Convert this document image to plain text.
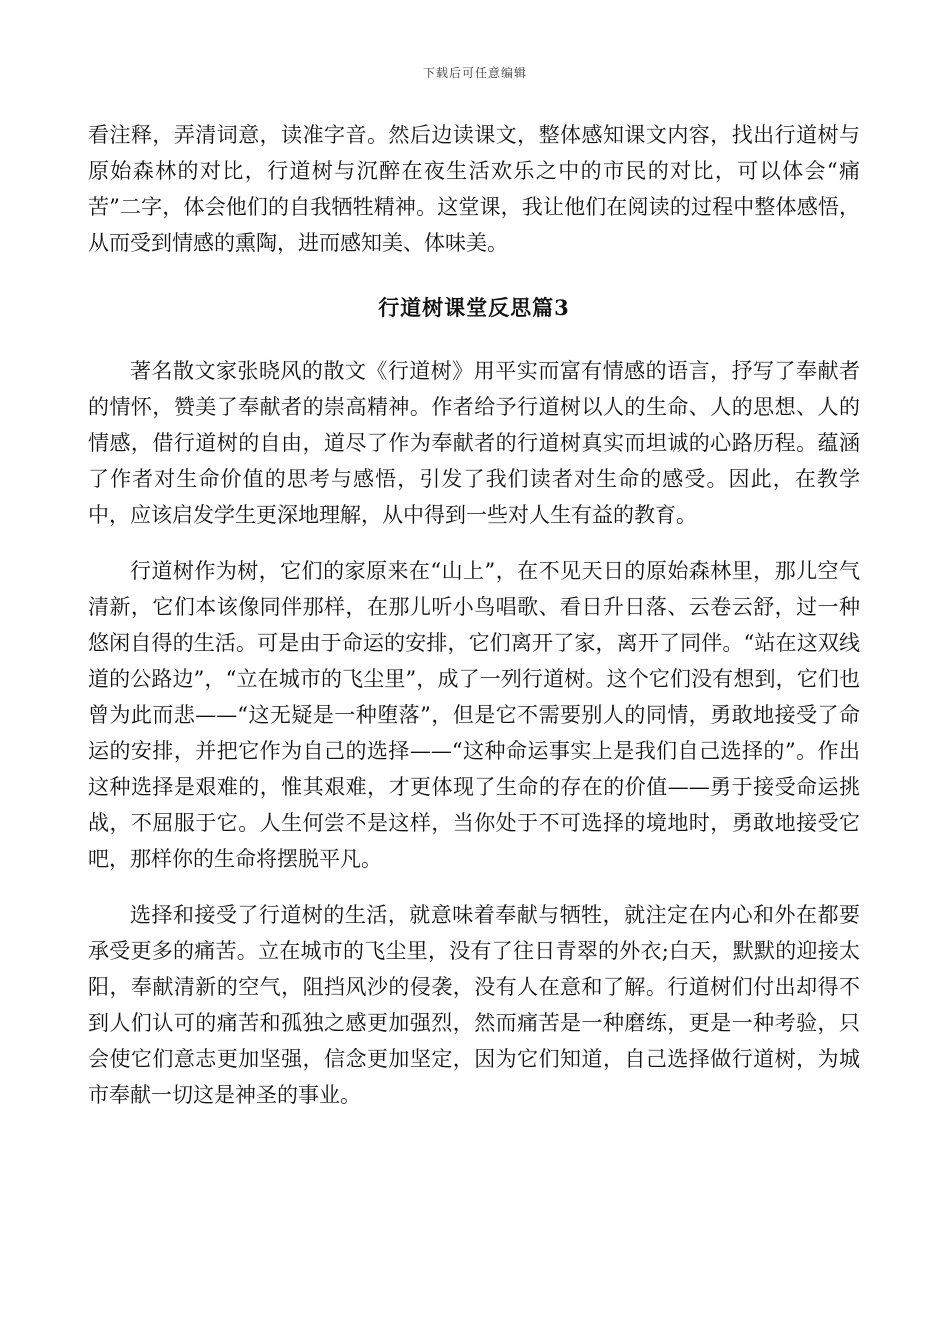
下载后可任意编辑

看注释，弄清词意，读准字音。然后边读课文，整体感知课文内容，找出行道树与原始森林的对比，行道树与沉醉在夜生活欢乐之中的市民的对比，可以体会“痛苦”二字，体会他们的自我牺牲精神。这堂课，我让他们在阅读的过程中整体感悟，从而受到情感的熏陶，进而感知美、体味美。

行道树课堂反思篇3

著名散文家张晓风的散文《行道树》用平实而富有情感的语言，抒写了奉献者的情怀，赞美了奉献者的崇高精神。作者给予行道树以人的生命、人的思想、人的情感，借行道树的自由，道尽了作为奉献者的行道树真实而坦诚的心路历程。蕴涵了作者对生命价值的思考与感悟，引发了我们读者对生命的感受。因此，在教学中，应该启发学生更深地理解，从中得到一些对人生有益的教育。

行道树作为树，它们的家原来在“山上”，在不见天日的原始森林里，那儿空气清新，它们本该像同伴那样，在那儿听小鸟唱歌、看日升日落、云卷云舒，过一种悠闲自得的生活。可是由于命运的安排，它们离开了家，离开了同伴。“站在这双线道的公路边”，“立在城市的飞尘里”，成了一列行道树。这个它们没有想到，它们也曾为此而悲——“这无疑是一种堕落”，但是它不需要别人的同情，勇敢地接受了命运的安排，并把它作为自己的选择——“这种命运事实上是我们自己选择的”。作出这种选择是艰难的，惟其艰难，才更体现了生命的存在的价值——勇于接受命运挑战，不屈服于它。人生何尝不是这样，当你处于不可选择的境地时，勇敢地接受它吧，那样你的生命将摆脱平凡。

选择和接受了行道树的生活，就意味着奉献与牺牲，就注定在内心和外在都要承受更多的痛苦。立在城市的飞尘里，没有了往日青翠的外衣;白天，默默的迎接太阳，奉献清新的空气，阻挡风沙的侵袭，没有人在意和了解。行道树们付出却得不到人们认可的痛苦和孤独之感更加强烈，然而痛苦是一种磨练，更是一种考验，只会使它们意志更加坚强，信念更加坚定，因为它们知道，自己选择做行道树，为城市奉献一切这是神圣的事业。
